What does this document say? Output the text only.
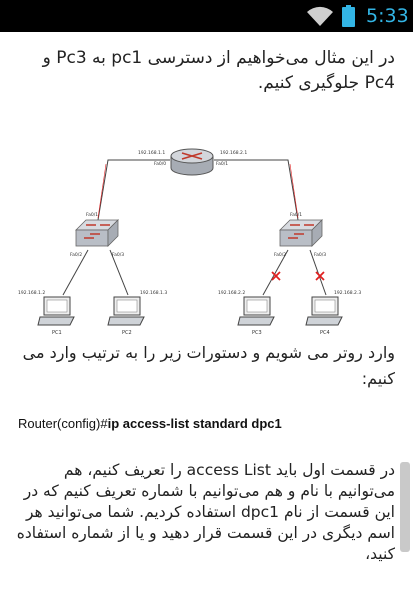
5:33

در این مثال می‌خواهیم از دسترسی pc1 به Pc3 و Pc4 جلوگیری کنیم.

192.168.1.1	192.168.2.1
Fa0/0	Fa0/1
Fa0/1
Fa0/2	Fa0/3
Fa0/1
Fa0/2	Fa0/3
192.168.1.2	192.168.1.3	192.168.2.2	192.168.2.3
PC1	PC2	PC3	PC4

وارد روتر می شویم و دستورات زیر را به ترتیب وارد می کنیم:

Router(config)#ip access-list standard dpc1

در قسمت اول باید access List را تعریف کنیم، هم می‌توانیم با نام و هم می‌توانیم با شماره تعریف کنیم که در این قسمت از نام dpc1 استفاده کردیم. شما می‌توانید هر اسم دیگری در این قسمت قرار دهید و یا از شماره استفاده کنید،
